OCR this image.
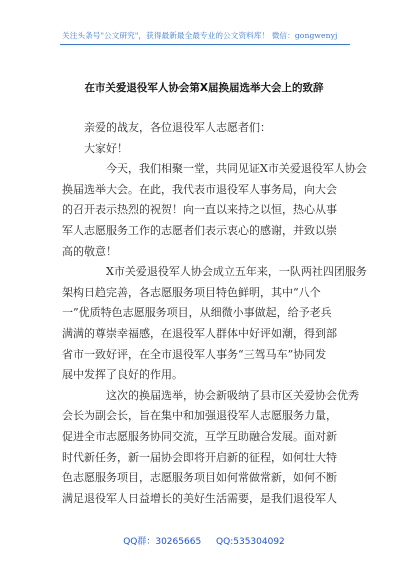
关注头条号"公文研究"，获得最新最全最专业的公文资料库！ 微信：gongwenyj
在市关爱退役军人协会第X届换届选举大会上的致辞
亲爱的战友，各位退役军人志愿者们：
大家好！
今天，我们相聚一堂，共同见证X市关爱退役军人协会
换届选举大会。在此，我代表市退役军人事务局，向大会
的召开表示热烈的祝贺！向一直以来持之以恒，热心从事
军人志愿服务工作的志愿者们表示衷心的感谢，并致以崇
高的敬意！
X市关爱退役军人协会成立五年来，一队两社四团服务
架构日趋完善，各志愿服务项目特色鲜明，其中“八个
一”优质特色志愿服务项目，从细微小事做起，给予老兵
满满的尊崇幸福感，在退役军人群体中好评如潮，得到部
省市一致好评，在全市退役军人事务“三驾马车”协同发
展中发挥了良好的作用。
这次的换届选举，协会新吸纳了县市区关爱协会优秀
会长为副会长，旨在集中和加强退役军人志愿服务力量，
促进全市志愿服务协同交流，互学互助融合发展。面对新
时代新任务，新一届协会即将开启新的征程，如何壮大特
色志愿服务项目，志愿服务项目如何常做常新，如何不断
满足退役军人日益增长的美好生活需要，是我们退役军人
QQ群：30265665 QQ:535304092
